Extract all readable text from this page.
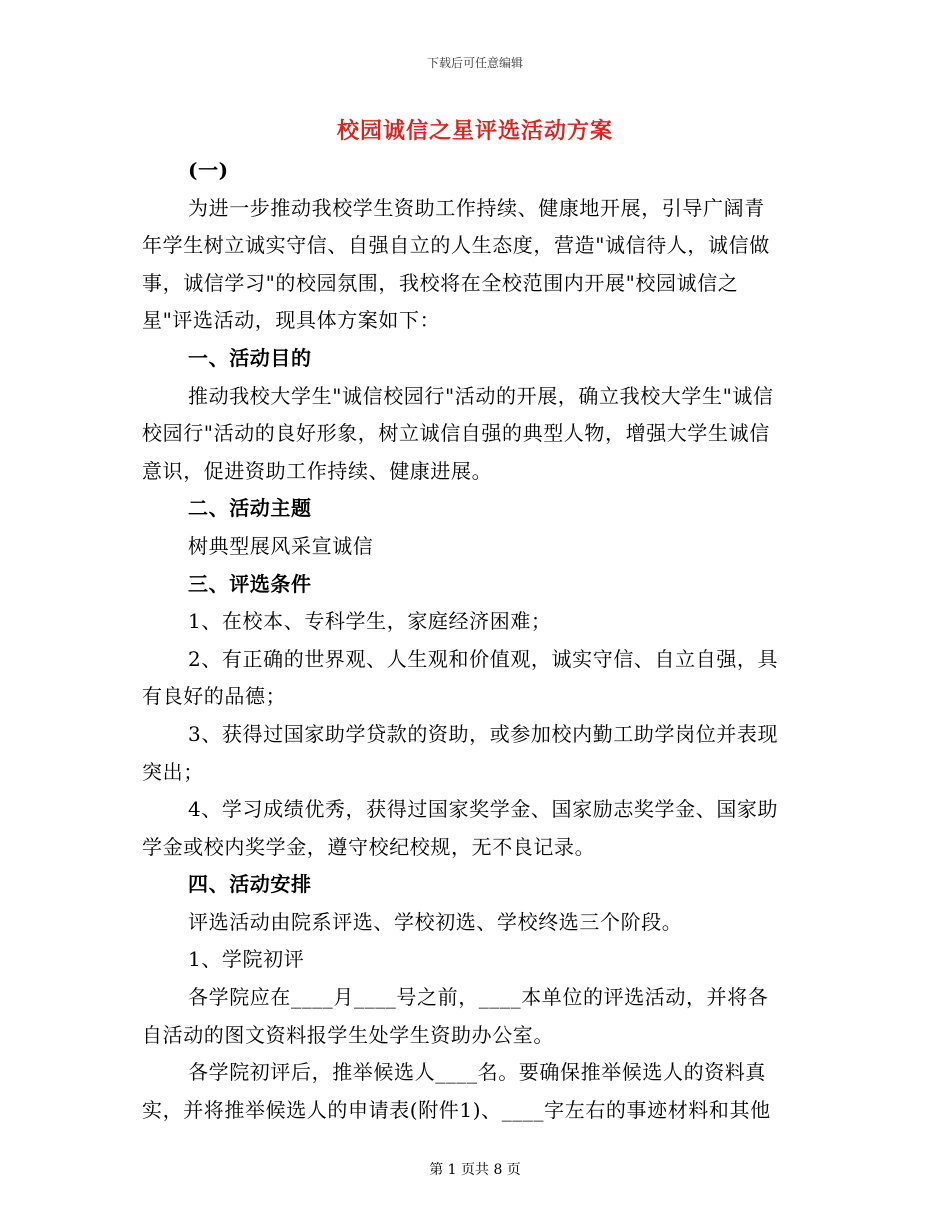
下载后可任意编辑
校园诚信之星评选活动方案
(一)
为进一步推动我校学生资助工作持续、健康地开展，引导广阔青
年学生树立诚实守信、自强自立的人生态度，营造"诚信待人，诚信做
事，诚信学习"的校园氛围，我校将在全校范围内开展"校园诚信之
星"评选活动，现具体方案如下：
一、活动目的
推动我校大学生"诚信校园行"活动的开展，确立我校大学生"诚信
校园行"活动的良好形象，树立诚信自强的典型人物，增强大学生诚信
意识，促进资助工作持续、健康进展。
二、活动主题
树典型展风采宣诚信
三、评选条件
1、在校本、专科学生，家庭经济困难；
2、有正确的世界观、人生观和价值观，诚实守信、自立自强，具
有良好的品德；
3、获得过国家助学贷款的资助，或参加校内勤工助学岗位并表现
突出；
4、学习成绩优秀，获得过国家奖学金、国家励志奖学金、国家助
学金或校内奖学金，遵守校纪校规，无不良记录。
四、活动安排
评选活动由院系评选、学校初选、学校终选三个阶段。
1、学院初评
各学院应在____月____号之前，____本单位的评选活动，并将各
自活动的图文资料报学生处学生资助办公室。
各学院初评后，推举候选人____名。要确保推举候选人的资料真
实，并将推举候选人的申请表(附件1)、____字左右的事迹材料和其他
第 1 页共 8 页
